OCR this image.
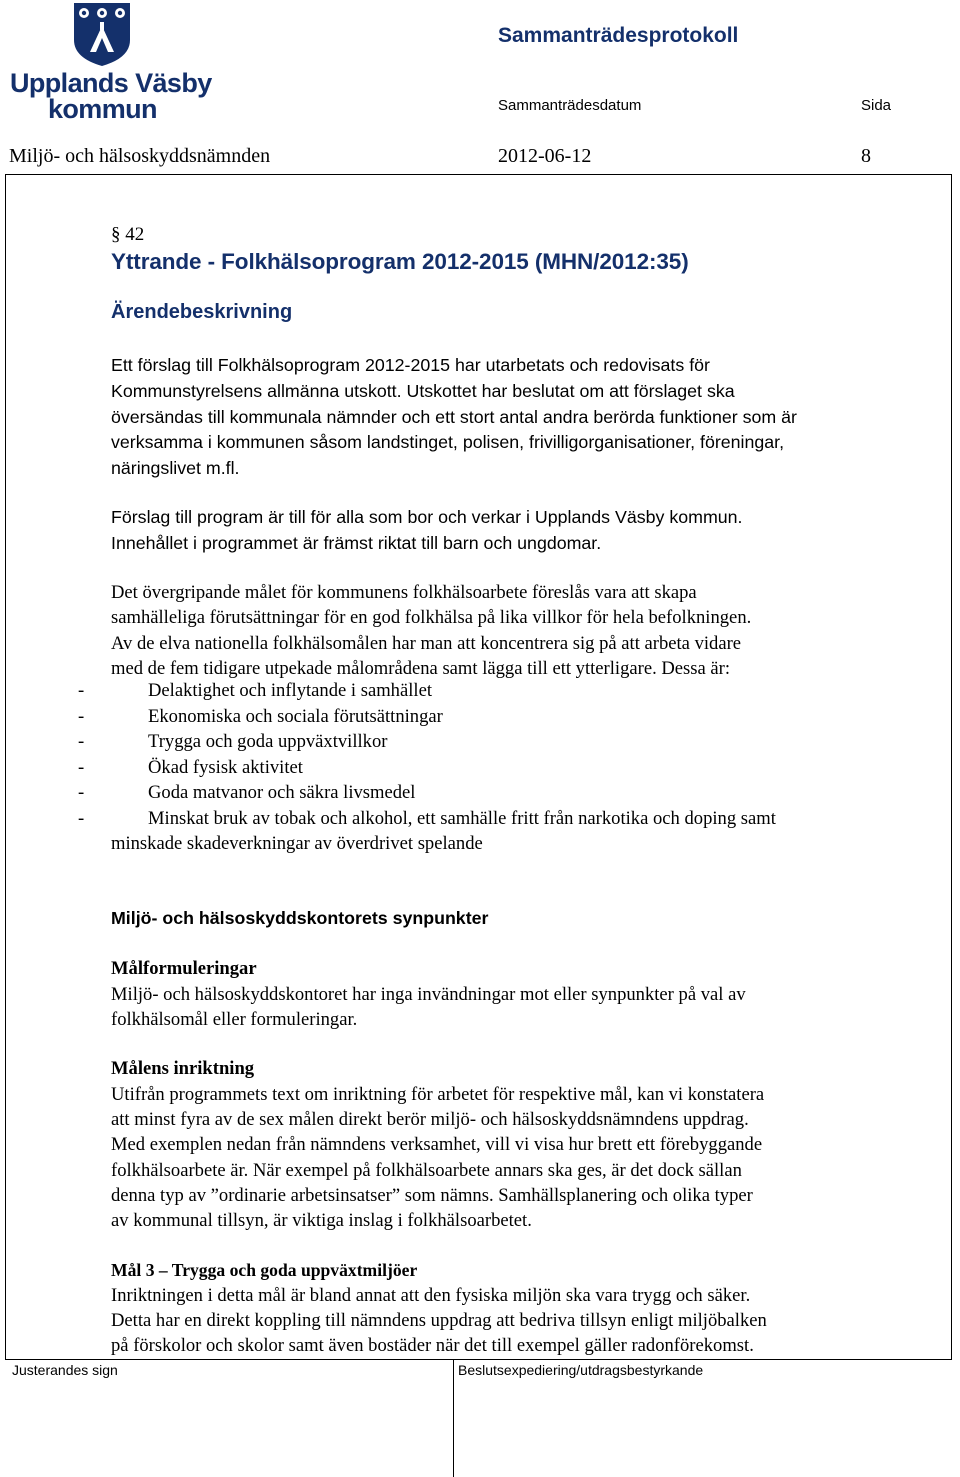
Upplands Väsby
kommun
Sammanträdesprotokoll
Sammanträdesdatum	Sida
Miljö- och hälsoskyddsnämnden	2012-06-12	8
§ 42
Yttrande - Folkhälsoprogram 2012-2015 (MHN/2012:35)
Ärendebeskrivning
Ett förslag till Folkhälsoprogram 2012-2015 har utarbetats och redovisats för
Kommunstyrelsens allmänna utskott. Utskottet har beslutat om att förslaget ska
översändas till kommunala nämnder och ett stort antal andra berörda funktioner som är
verksamma i kommunen såsom landstinget, polisen, frivilligorganisationer, föreningar,
näringslivet m.fl.
Förslag till program är till för alla som bor och verkar i Upplands Väsby kommun.
Innehållet i programmet är främst riktat till barn och ungdomar.
Det övergripande målet för kommunens folkhälsoarbete föreslås vara att skapa
samhälleliga förutsättningar för en god folkhälsa på lika villkor för hela befolkningen.
Av de elva nationella folkhälsomålen har man att koncentrera sig på att arbeta vidare
med de fem tidigare utpekade målområdena samt lägga till ett ytterligare. Dessa är:
-	Delaktighet och inflytande i samhället
-	Ekonomiska och sociala förutsättningar
-	Trygga och goda uppväxtvillkor
-	Ökad fysisk aktivitet
-	Goda matvanor och säkra livsmedel
-	Minskat bruk av tobak och alkohol, ett samhälle fritt från narkotika och doping samt
minskade skadeverkningar av överdrivet spelande
Miljö- och hälsoskyddskontorets synpunkter
Målformuleringar
Miljö- och hälsoskyddskontoret har inga invändningar mot eller synpunkter på val av
folkhälsomål eller formuleringar.
Målens inriktning
Utifrån programmets text om inriktning för arbetet för respektive mål, kan vi konstatera
att minst fyra av de sex målen direkt berör miljö- och hälsoskyddsnämndens uppdrag.
Med exemplen nedan från nämndens verksamhet, vill vi visa hur brett ett förebyggande
folkhälsoarbete är. När exempel på folkhälsoarbete annars ska ges, är det dock sällan
denna typ av ”ordinarie arbetsinsatser” som nämns. Samhällsplanering och olika typer
av kommunal tillsyn, är viktiga inslag i folkhälsoarbetet.
Mål 3 – Trygga och goda uppväxtmiljöer
Inriktningen i detta mål är bland annat att den fysiska miljön ska vara trygg och säker.
Detta har en direkt koppling till nämndens uppdrag att bedriva tillsyn enligt miljöbalken
på förskolor och skolor samt även bostäder när det till exempel gäller radonförekomst.
Justerandes sign	Beslutsexpediering/utdragsbestyrkande
